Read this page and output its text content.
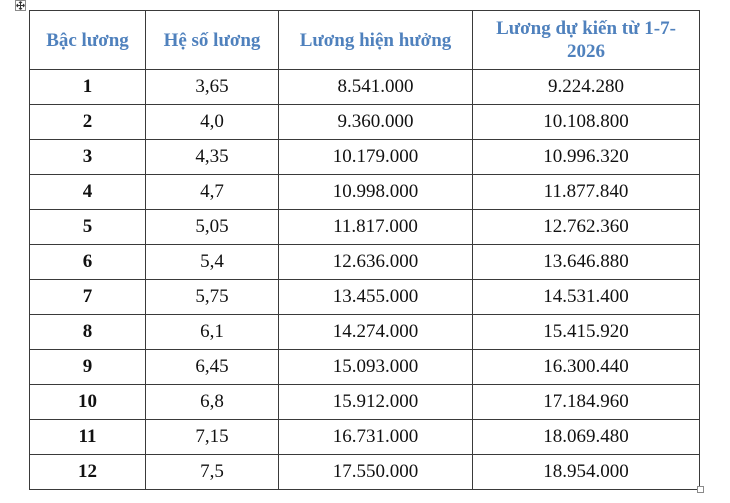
Bậc lương	Hệ số lương	Lương hiện hưởng	Lương dự kiến từ 1-7-2026
1	3,65	8.541.000	9.224.280
2	4,0	9.360.000	10.108.800
3	4,35	10.179.000	10.996.320
4	4,7	10.998.000	11.877.840
5	5,05	11.817.000	12.762.360
6	5,4	12.636.000	13.646.880
7	5,75	13.455.000	14.531.400
8	6,1	14.274.000	15.415.920
9	6,45	15.093.000	16.300.440
10	6,8	15.912.000	17.184.960
11	7,15	16.731.000	18.069.480
12	7,5	17.550.000	18.954.000
